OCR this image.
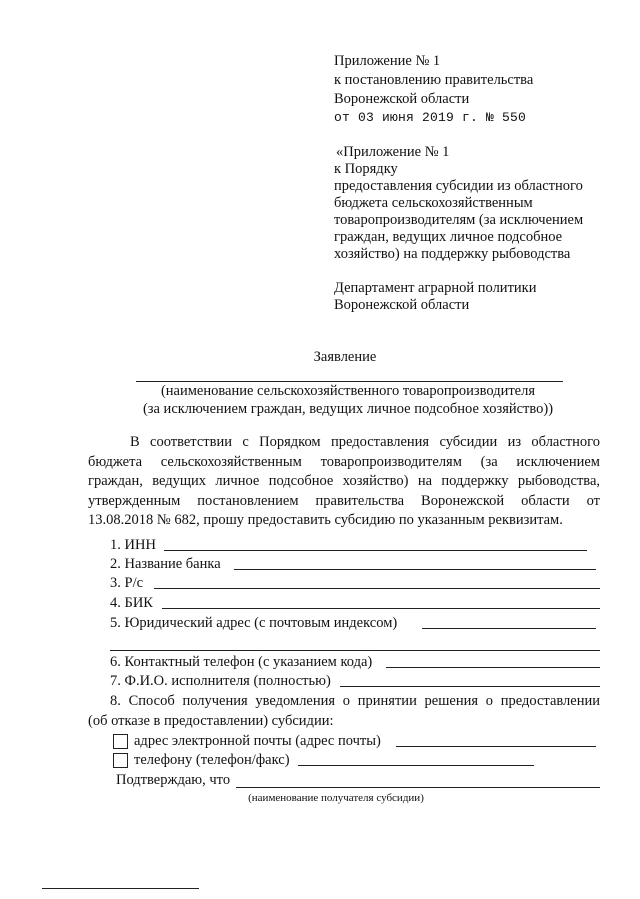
Приложение № 1
к постановлению правительства
Воронежской области
от 03 июня 2019 г. № 550
«Приложение № 1
к Порядку
предоставления субсидии из областного
бюджета сельскохозяйственным
товаропроизводителям (за исключением
граждан, ведущих личное подсобное
хозяйство) на поддержку рыбоводства
Департамент аграрной политики
Воронежской области
Заявление
(наименование сельскохозяйственного товаропроизводителя
(за исключением граждан, ведущих личное подсобное хозяйство))
В соответствии с Порядком предоставления субсидии из областного
бюджета сельскохозяйственным товаропроизводителям (за исключением
граждан, ведущих личное подсобное хозяйство) на поддержку рыбоводства,
утвержденным постановлением правительства Воронежской области от
13.08.2018 № 682, прошу предоставить субсидию по указанным реквизитам.
1. ИНН
2. Название банка
3. Р/с
4. БИК
5. Юридический адрес (с почтовым индексом)
6. Контактный телефон (с указанием кода)
7. Ф.И.О. исполнителя (полностью)
8. Способ получения уведомления о принятии решения о предоставлении
(об отказе в предоставлении) субсидии:
адрес электронной почты (адрес почты)
телефону (телефон/факс)
Подтверждаю, что
(наименование получателя субсидии)
